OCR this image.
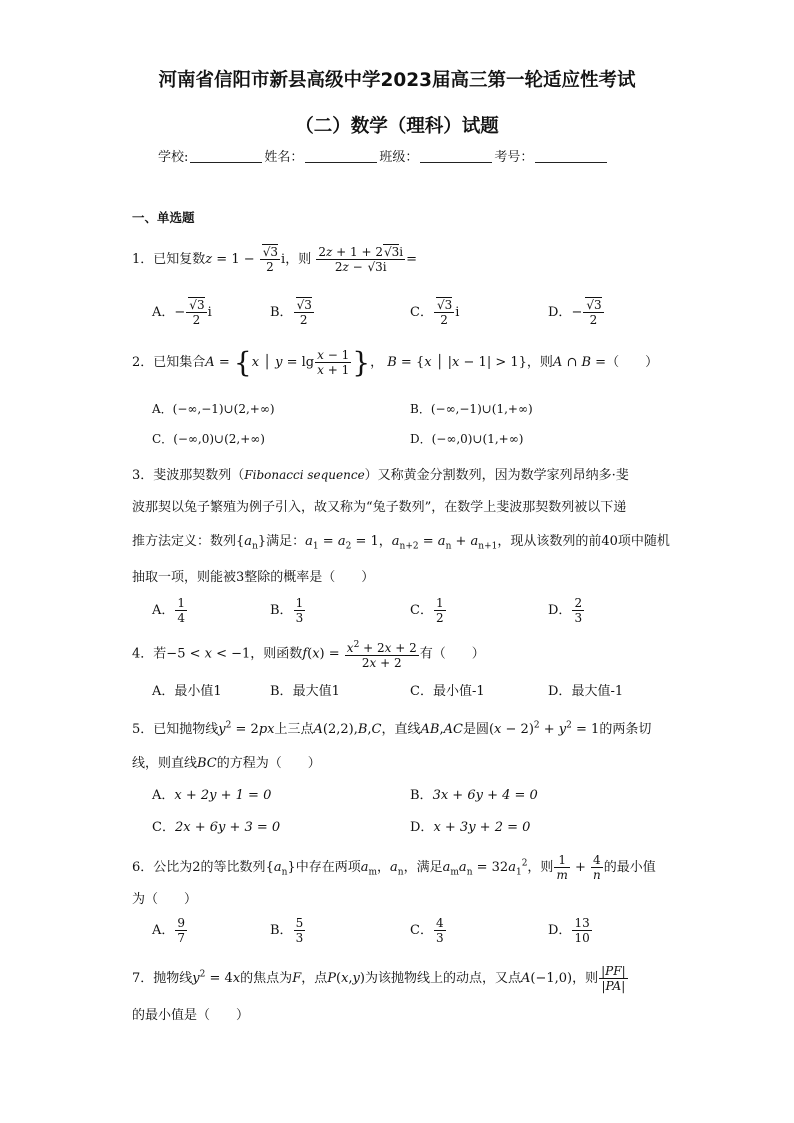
河南省信阳市新县高级中学2023届高三第一轮适应性考试
（二）数学（理科）试题
学校:	姓名：	班级：	考号：
一、单选题
1．已知复数z = 1 − √ $\frac{3}{2}$ i，则 $\frac{2z + 1 + 2 √ 3i}{2z - √ 3i}$ =
A．− √ $\frac{3}{2}$ i	B． √ $\frac{3}{2}$	C． √ $\frac{3}{2}$ i	D．− √ $\frac{3}{2}$
2．已知集合A = {x │ $y = \lg \frac{x - 1}{x + 1}$ }， B = {x │ |x − 1| > 1}，则A ∩ B =（　　）
A．(−∞,−1)∪(2,+∞)	B．(−∞,−1)∪(1,+∞)
C．(−∞,0)∪(2,+∞)	D．(−∞,0)∪(1,+∞)
3．斐波那契数列（Fibonacci sequence）又称黄金分割数列，因为数学家列昂纳多·斐
波那契以兔子繁殖为例子引入，故又称为“兔子数列”，在数学上斐波那契数列被以下递
推方法定义：数列$\{a_n\}$满足：$a_1 = a_2 = 1$，$a_{n+2} = a_n + a_{n+1}$，现从该数列的前40项中随机
抽取一项，则能被3整除的概率是（　　）
A． $\frac{1}{4}$	B． $\frac{1}{3}$	C． $\frac{1}{2}$	D． $\frac{2}{3}$
4．若−5 < x < −1，则函数$f(x) = \frac{x^2 + 2x + 2}{2x + 2}$ 有（　　）
A．最小值1	B．最大值1	C．最小值-1	D．最大值-1
5．已知抛物线$y^2 = 2px$上三点A(2,2),B,C，直线AB,AC是圆$(x - 2)^2 + y^2 = 1$的两条切
线，则直线BC的方程为（　　）
A．x + 2y + 1 = 0	B．3x + 6y + 4 = 0
C．2x + 6y + 3 = 0	D．x + 3y + 2 = 0
6．公比为2的等比数列$\{a_n\}$中存在两项$a_m$，$a_n$，满足$a_ma_n = 32a_1^2$，则 $\frac{1}{m} + \frac{4}{n}$ 的最小值
为（　　）
A． $\frac{9}{7}$	B． $\frac{5}{3}$	C． $\frac{4}{3}$	D． $\frac{13}{10}$
7．抛物线$y^2 = 4x$的焦点为F，点P(x,y)为该抛物线上的动点，又点A(−1,0)，则 $\frac{|PF|}{|PA|}$
的最小值是（　　）
